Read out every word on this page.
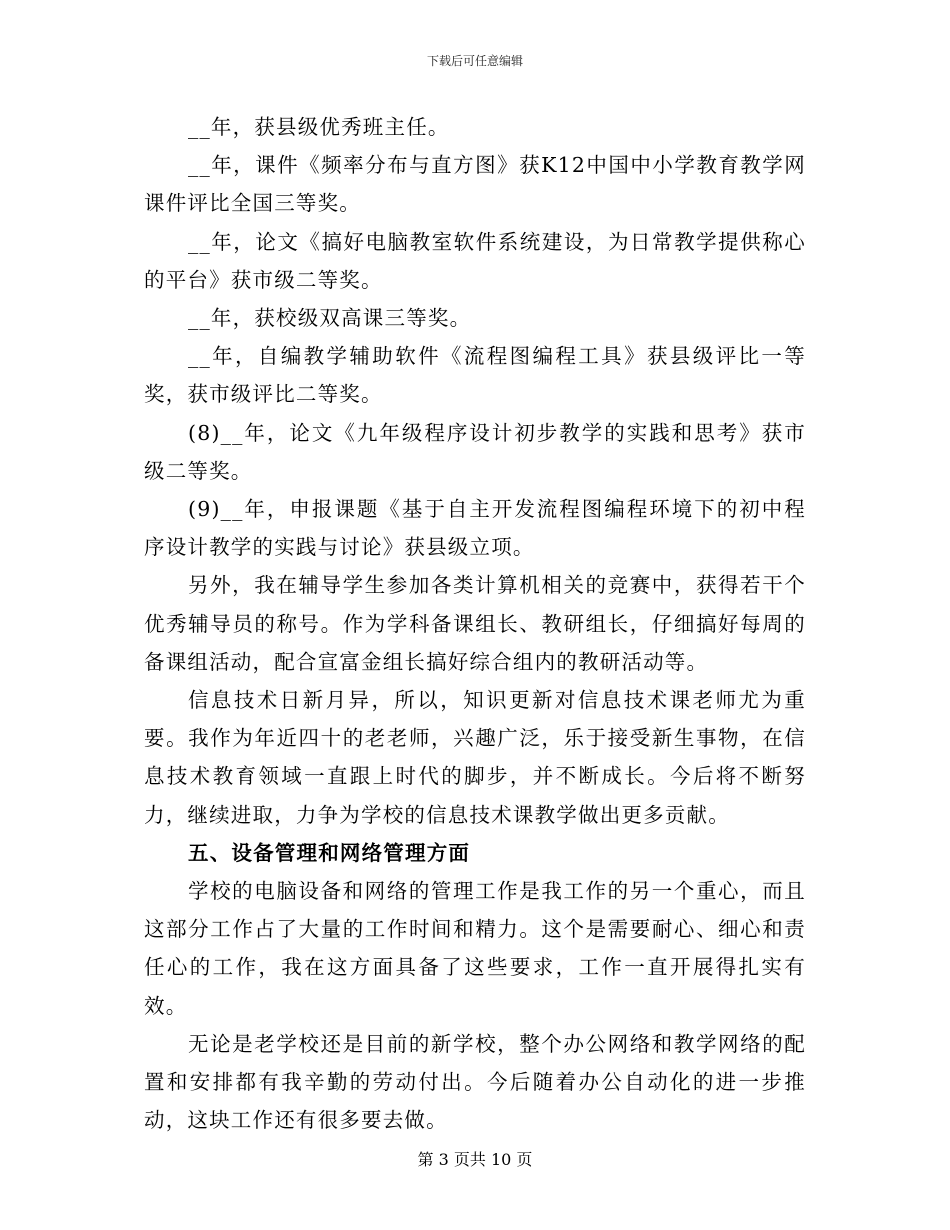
下载后可任意编辑

__年，获县级优秀班主任。

__年，课件《频率分布与直方图》获K12中国中小学教育教学网课件评比全国三等奖。

__年，论文《搞好电脑教室软件系统建设，为日常教学提供称心的平台》获市级二等奖。

__年，获校级双高课三等奖。

__年，自编教学辅助软件《流程图编程工具》获县级评比一等奖，获市级评比二等奖。

(8)__年，论文《九年级程序设计初步教学的实践和思考》获市级二等奖。

(9)__年，申报课题《基于自主开发流程图编程环境下的初中程序设计教学的实践与讨论》获县级立项。

另外，我在辅导学生参加各类计算机相关的竞赛中，获得若干个优秀辅导员的称号。作为学科备课组长、教研组长，仔细搞好每周的备课组活动，配合宣富金组长搞好综合组内的教研活动等。

信息技术日新月异，所以，知识更新对信息技术课老师尤为重要。我作为年近四十的老老师，兴趣广泛，乐于接受新生事物，在信息技术教育领域一直跟上时代的脚步，并不断成长。今后将不断努力，继续进取，力争为学校的信息技术课教学做出更多贡献。

五、设备管理和网络管理方面

学校的电脑设备和网络的管理工作是我工作的另一个重心，而且这部分工作占了大量的工作时间和精力。这个是需要耐心、细心和责任心的工作，我在这方面具备了这些要求，工作一直开展得扎实有效。

无论是老学校还是目前的新学校，整个办公网络和教学网络的配置和安排都有我辛勤的劳动付出。今后随着办公自动化的进一步推动，这块工作还有很多要去做。

第 3 页共 10 页
